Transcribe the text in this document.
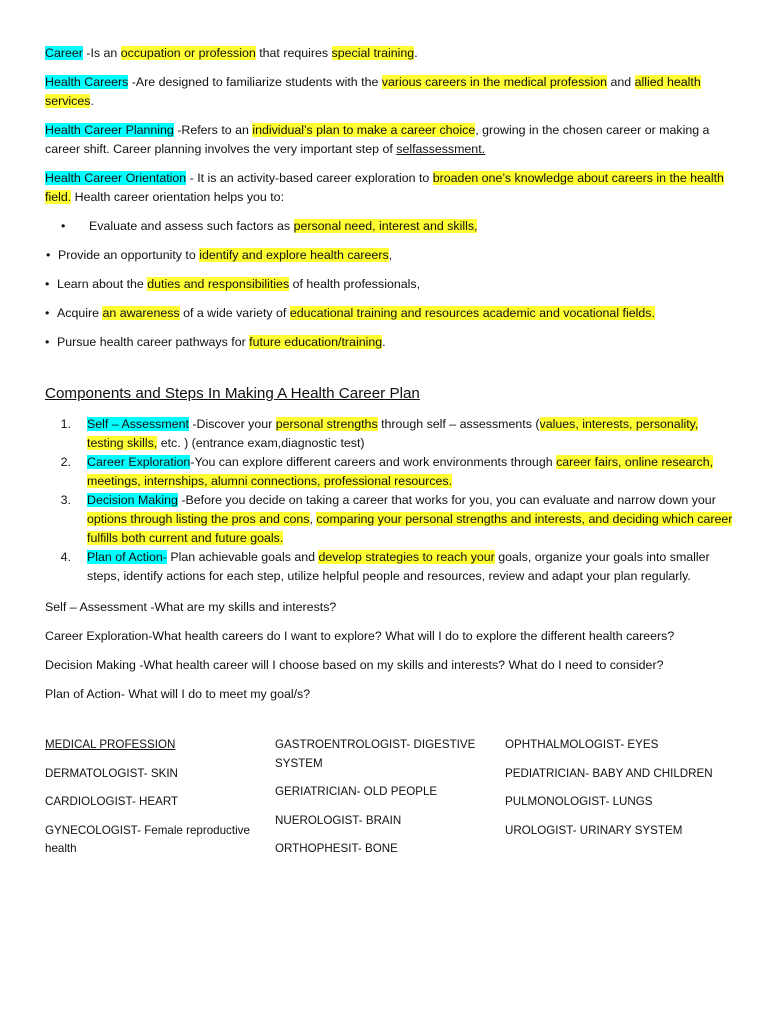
Career -Is an occupation or profession that requires special training.

Health Careers -Are designed to familiarize students with the various careers in the medical profession and allied health services.

Health Career Planning -Refers to an individual’s plan to make a career choice, growing in the chosen career or making a career shift. Career planning involves the very important step of selfassessment.

Health Career Orientation - It is an activity-based career exploration to broaden one’s knowledge about careers in the health field. Health career orientation helps you to:

•	Evaluate and assess such factors as personal need, interest and skills,
• Provide an opportunity to identify and explore health careers,
• Learn about the duties and responsibilities of health professionals,
• Acquire an awareness of a wide variety of educational training and resources academic and vocational fields.
• Pursue health career pathways for future education/training.
Components and Steps In Making A Health Career Plan
1.	Self – Assessment -Discover your personal strengths through self – assessments (values, interests, personality, testing skills, etc. ) (entrance exam,diagnostic test)
2.	Career Exploration-You can explore different careers and work environments through career fairs, online research, meetings, internships, alumni connections, professional resources.
3.	Decision Making -Before you decide on taking a career that works for you, you can evaluate and narrow down your options through listing the pros and cons, comparing your personal strengths and interests, and deciding which career fulfills both current and future goals.
4.	Plan of Action- Plan achievable goals and develop strategies to reach your goals, organize your goals into smaller steps, identify actions for each step, utilize helpful people and resources, review and adapt your plan regularly.

Self – Assessment -What are my skills and interests?

Career Exploration-What health careers do I want to explore? What will I do to explore the different health careers?

Decision Making -What health career will I choose based on my skills and interests? What do I need to consider?

Plan of Action- What will I do to meet my goal/s?

MEDICAL PROFESSION

DERMATOLOGIST- SKIN

CARDIOLOGIST- HEART

GYNECOLOGIST- Female reproductive health

GASTROENTROLOGIST- DIGESTIVE SYSTEM

GERIATRICIAN- OLD PEOPLE

NUEROLOGIST- BRAIN

ORTHOPHESIT- BONE

OPHTHALMOLOGIST- EYES

PEDIATRICIAN- BABY AND CHILDREN

PULMONOLOGIST- LUNGS

UROLOGIST- URINARY SYSTEM
